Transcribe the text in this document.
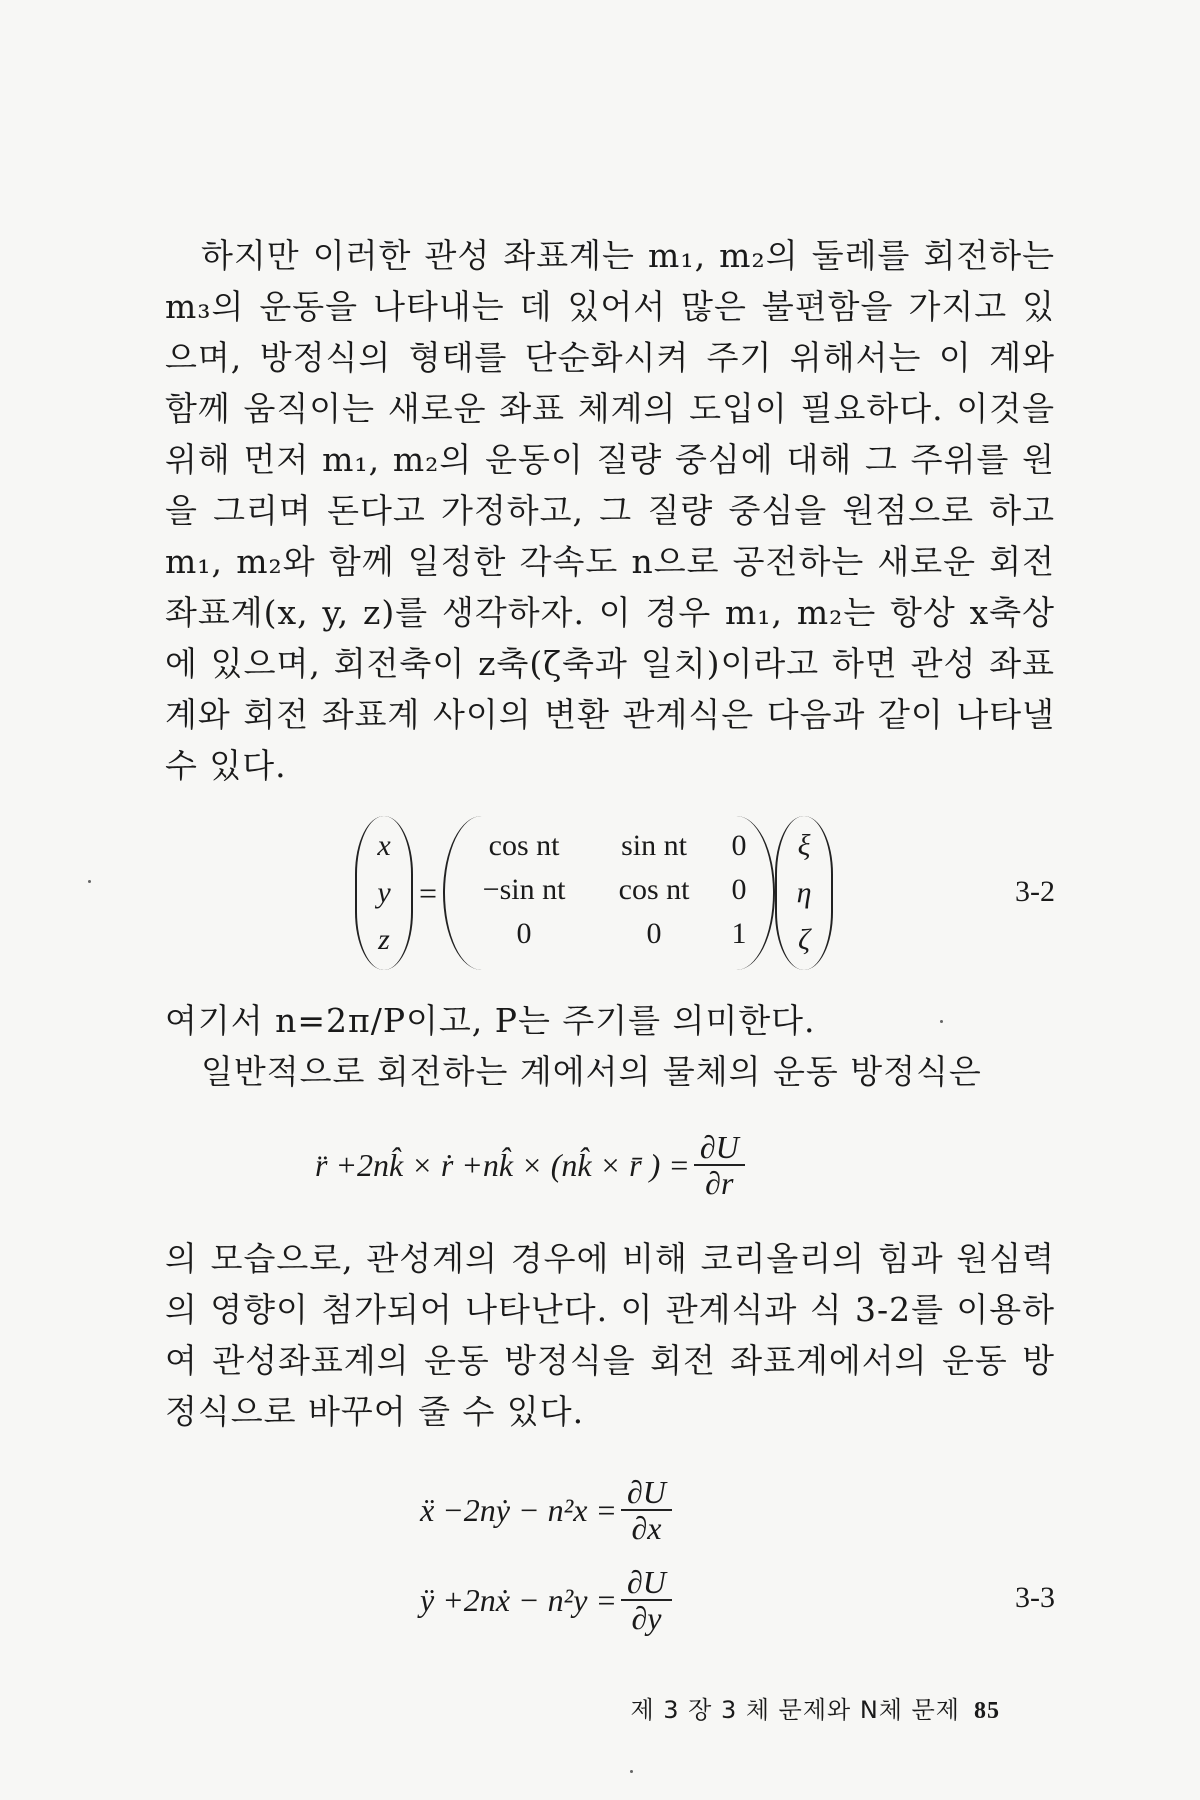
하지만 이러한 관성 좌표계는 m₁, m₂의 둘레를 회전하는 m₃의 운동을 나타내는 데 있어서 많은 불편함을 가지고 있으며, 방정식의 형태를 단순화시켜 주기 위해서는 이 계와 함께 움직이는 새로운 좌표 체계의 도입이 필요하다. 이것을 위해 먼저 m₁, m₂의 운동이 질량 중심에 대해 그 주위를 원을 그리며 돈다고 가정하고, 그 질량 중심을 원점으로 하고 m₁, m₂와 함께 일정한 각속도 n으로 공전하는 새로운 회전 좌표계(x, y, z)를 생각하자. 이 경우 m₁, m₂는 항상 x축상에 있으며, 회전축이 z축(ζ축과 일치)이라고 하면 관성 좌표계와 회전 좌표계 사이의 변환 관계식은 다음과 같이 나타낼 수 있다.

x
y
z
=
cos nt	sin nt	0
−sin nt	cos nt	0
0	0	1
ξ
η
ζ
3-2

여기서 n=2π/P이고, P는 주기를 의미한다.

일반적으로 회전하는 계에서의 물체의 운동 방정식은

r̈ +2nk̂ × ṙ +nk̂ × (nk̂ × r̄ ) = $\frac{\partial U}{\partial r}$

의 모습으로, 관성계의 경우에 비해 코리올리의 힘과 원심력의 영향이 첨가되어 나타난다. 이 관계식과 식 3-2를 이용하여 관성좌표계의 운동 방정식을 회전 좌표계에서의 운동 방정식으로 바꾸어 줄 수 있다.

ẍ −2nẏ − $n^2x = \frac{\partial U}{\partial x}$
ÿ +2nẋ − $n^2y = \frac{\partial U}{\partial y}$	3-3
제 3 장 3 체 문제와 N체 문제 85
